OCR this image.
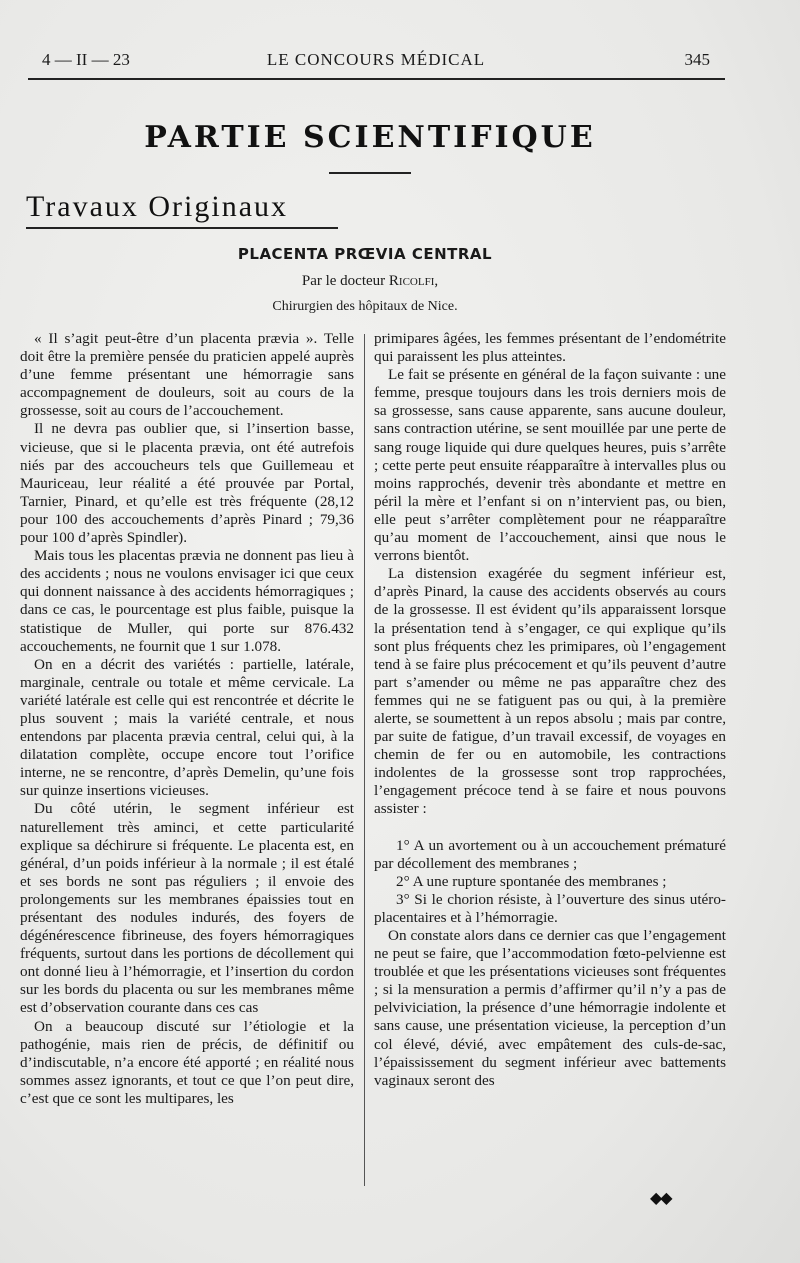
4 — II — 23	LE CONCOURS MÉDICAL	345
PARTIE SCIENTIFIQUE
Travaux Originaux
PLACENTA PRŒVIA CENTRAL
Par le docteur Ricolfi,
Chirurgien des hôpitaux de Nice.

« Il s’agit peut-être d’un placenta prævia ». Telle doit être la première pensée du praticien appelé auprès d’une femme présentant une hémorragie sans accompagnement de douleurs, soit au cours de la grossesse, soit au cours de l’accouchement.

Il ne devra pas oublier que, si l’insertion basse, vicieuse, que si le placenta prævia, ont été autrefois niés par des accoucheurs tels que Guillemeau et Mauriceau, leur réalité a été prouvée par Portal, Tarnier, Pinard, et qu’elle est très fréquente (28,12 pour 100 des accouchements d’après Pinard ; 79,36 pour 100 d’après Spindler).

Mais tous les placentas prævia ne donnent pas lieu à des accidents ; nous ne voulons envisager ici que ceux qui donnent naissance à des accidents hémorragiques ; dans ce cas, le pourcentage est plus faible, puisque la statistique de Muller, qui porte sur 876.432 accouchements, ne fournit que 1 sur 1.078.

On en a décrit des variétés : partielle, latérale, marginale, centrale ou totale et même cervicale. La variété latérale est celle qui est rencontrée et décrite le plus souvent ; mais la variété centrale, et nous entendons par placenta prævia central, celui qui, à la dilatation complète, occupe encore tout l’orifice interne, ne se rencontre, d’après Demelin, qu’une fois sur quinze insertions vicieuses.

Du côté utérin, le segment inférieur est naturellement très aminci, et cette particularité explique sa déchirure si fréquente. Le placenta est, en général, d’un poids inférieur à la normale ; il est étalé et ses bords ne sont pas réguliers ; il envoie des prolongements sur les membranes épaissies tout en présentant des nodules indurés, des foyers de dégénérescence fibrineuse, des foyers hémorragiques fréquents, surtout dans les portions de décollement qui ont donné lieu à l’hémorragie, et l’insertion du cordon sur les bords du placenta ou sur les membranes même est d’observation courante dans ces cas

On a beaucoup discuté sur l’étiologie et la pathogénie, mais rien de précis, de définitif ou d’indiscutable, n’a encore été apporté ; en réalité nous sommes assez ignorants, et tout ce que l’on peut dire, c’est que ce sont les multipares, les

primipares âgées, les femmes présentant de l’endométrite qui paraissent les plus atteintes.

Le fait se présente en général de la façon suivante : une femme, presque toujours dans les trois derniers mois de sa grossesse, sans cause apparente, sans aucune douleur, sans contraction utérine, se sent mouillée par une perte de sang rouge liquide qui dure quelques heures, puis s’arrête ; cette perte peut ensuite réapparaître à intervalles plus ou moins rapprochés, devenir très abondante et mettre en péril la mère et l’enfant si on n’intervient pas, ou bien, elle peut s’arrêter complètement pour ne réapparaître qu’au moment de l’accouchement, ainsi que nous le verrons bientôt.

La distension exagérée du segment inférieur est, d’après Pinard, la cause des accidents observés au cours de la grossesse. Il est évident qu’ils apparaissent lorsque la présentation tend à s’engager, ce qui explique qu’ils sont plus fréquents chez les primipares, où l’engagement tend à se faire plus précocement et qu’ils peuvent d’autre part s’amender ou même ne pas apparaître chez des femmes qui ne se fatiguent pas ou qui, à la première alerte, se soumettent à un repos absolu ; mais par contre, par suite de fatigue, d’un travail excessif, de voyages en chemin de fer ou en automobile, les contractions indolentes de la grossesse sont trop rapprochées, l’engagement précoce tend à se faire et nous pouvons assister :

1° A un avortement ou à un accouchement prématuré par décollement des membranes ;

2° A une rupture spontanée des membranes ;

3° Si le chorion résiste, à l’ouverture des sinus utéro-placentaires et à l’hémorragie.

On constate alors dans ce dernier cas que l’engagement ne peut se faire, que l’accommodation fœto-pelvienne est troublée et que les présentations vicieuses sont fréquentes ; si la mensuration a permis d’affirmer qu’il n’y a pas de pelviviciation, la présence d’une hémorragie indolente et sans cause, une présentation vicieuse, la perception d’un col élevé, dévié, avec empâtement des culs-de-sac, l’épaississement du segment inférieur avec battements vaginaux seront des

◆◆
